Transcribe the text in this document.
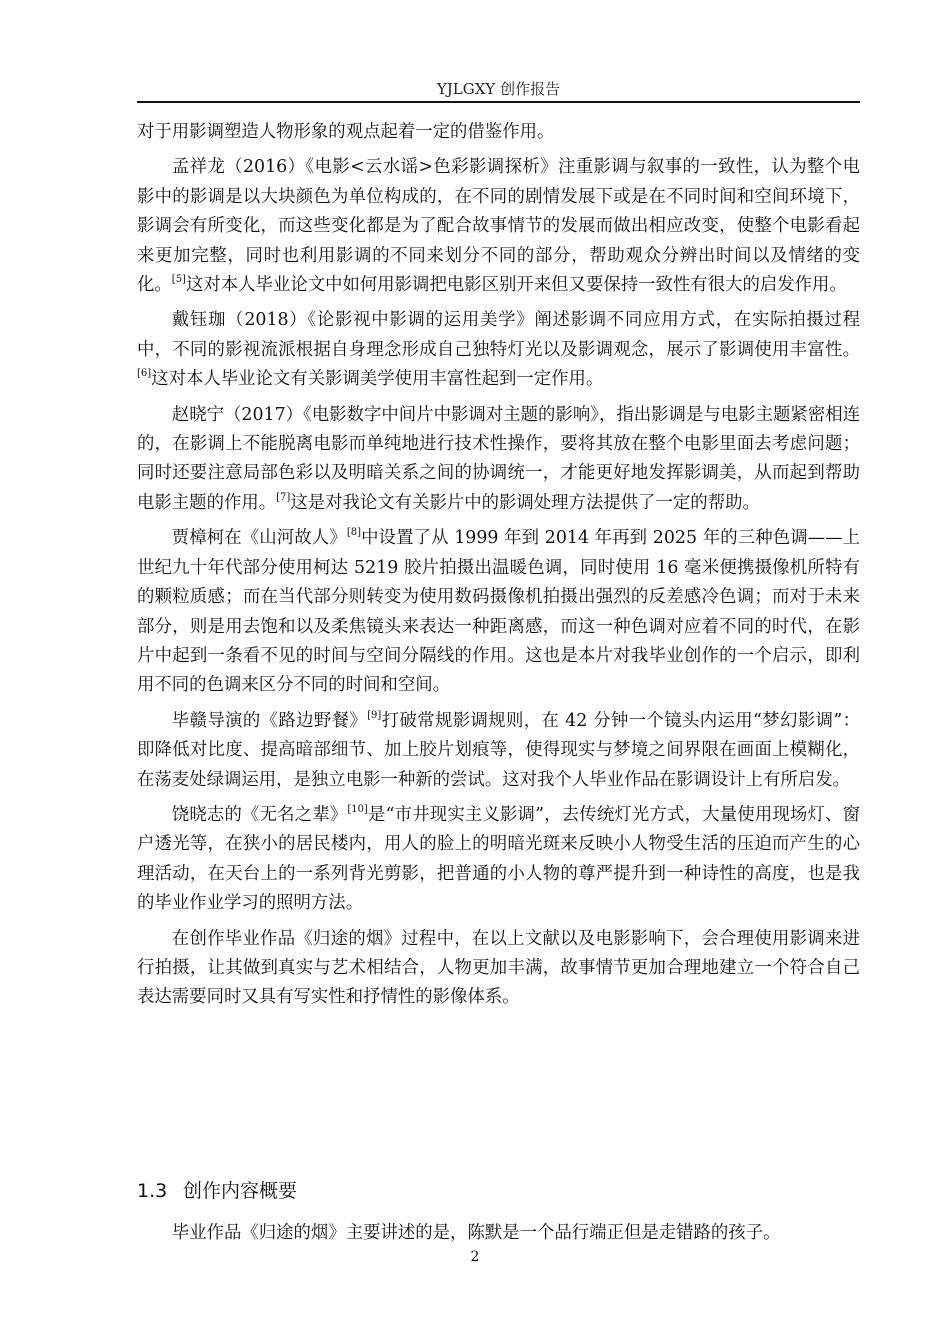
YJLGXY 创作报告

对于用影调塑造人物形象的观点起着一定的借鉴作用。

孟祥龙（2016）《电影<云水谣>色彩影调探析》注重影调与叙事的一致性，认为整个电影中的影调是以大块颜色为单位构成的，在不同的剧情发展下或是在不同时间和空间环境下，影调会有所变化，而这些变化都是为了配合故事情节的发展而做出相应改变，使整个电影看起来更加完整，同时也利用影调的不同来划分不同的部分，帮助观众分辨出时间以及情绪的变化。[5]这对本人毕业论文中如何用影调把电影区别开来但又要保持一致性有很大的启发作用。

戴钰珈（2018）《论影视中影调的运用美学》阐述影调不同应用方式，在实际拍摄过程中，不同的影视流派根据自身理念形成自己独特灯光以及影调观念，展示了影调使用丰富性。[6]这对本人毕业论文有关影调美学使用丰富性起到一定作用。

赵晓宁（2017）《电影数字中间片中影调对主题的影响》，指出影调是与电影主题紧密相连的，在影调上不能脱离电影而单纯地进行技术性操作，要将其放在整个电影里面去考虑问题；同时还要注意局部色彩以及明暗关系之间的协调统一，才能更好地发挥影调美，从而起到帮助电影主题的作用。[7]这是对我论文有关影片中的影调处理方法提供了一定的帮助。

贾樟柯在《山河故人》[8]中设置了从 1999 年到 2014 年再到 2025 年的三种色调——上世纪九十年代部分使用柯达 5219 胶片拍摄出温暖色调，同时使用 16 毫米便携摄像机所特有的颗粒质感；而在当代部分则转变为使用数码摄像机拍摄出强烈的反差感冷色调；而对于未来部分，则是用去饱和以及柔焦镜头来表达一种距离感，而这一种色调对应着不同的时代，在影片中起到一条看不见的时间与空间分隔线的作用。这也是本片对我毕业创作的一个启示，即利用不同的色调来区分不同的时间和空间。

毕赣导演的《路边野餐》[9]打破常规影调规则，在 42 分钟一个镜头内运用“梦幻影调”：即降低对比度、提高暗部细节、加上胶片划痕等，使得现实与梦境之间界限在画面上模糊化，在荡麦处绿调运用，是独立电影一种新的尝试。这对我个人毕业作品在影调设计上有所启发。

饶晓志的《无名之辈》[10]是“市井现实主义影调”，去传统灯光方式，大量使用现场灯、窗户透光等，在狭小的居民楼内，用人的脸上的明暗光斑来反映小人物受生活的压迫而产生的心理活动，在天台上的一系列背光剪影，把普通的小人物的尊严提升到一种诗性的高度，也是我的毕业作业学习的照明方法。

在创作毕业作品《归途的烟》过程中，在以上文献以及电影影响下，会合理使用影调来进行拍摄，让其做到真实与艺术相结合，人物更加丰满，故事情节更加合理地建立一个符合自己表达需要同时又具有写实性和抒情性的影像体系。

1.3 创作内容概要

毕业作品《归途的烟》主要讲述的是，陈默是一个品行端正但是走错路的孩子。

2
